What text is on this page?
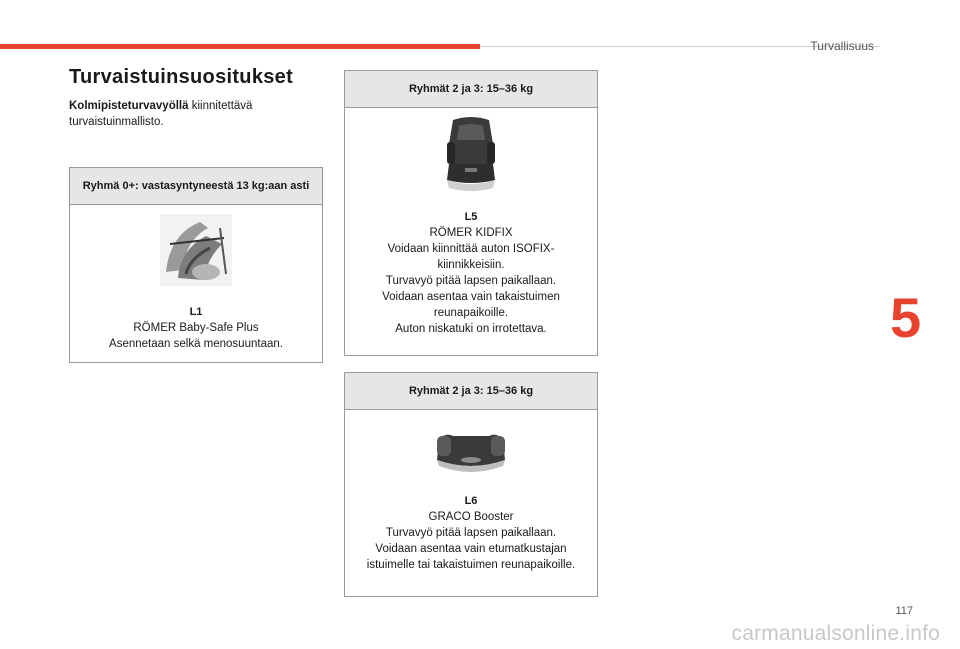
Turvallisuus
5
Turvaistuinsuositukset

Kolmipisteturvavyöllä kiinnitettävä turvaistuinmallisto.

Ryhmä 0+: vastasyntyneestä 13 kg:aan asti
L1
RÖMER Baby-Safe Plus
Asennetaan selkä menosuuntaan.
Ryhmät 2 ja 3: 15–36 kg
L5
RÖMER KIDFIX
Voidaan kiinnittää auton ISOFIX-kiinnikkeisiin.
Turvavyö pitää lapsen paikallaan.
Voidaan asentaa vain takaistuimen reunapaikoille.
Auton niskatuki on irrotettava.
Ryhmät 2 ja 3: 15–36 kg
L6
GRACO Booster
Turvavyö pitää lapsen paikallaan.
Voidaan asentaa vain etumatkustajan istuimelle tai takaistuimen reunapaikoille.
117
carmanualsonline.info
